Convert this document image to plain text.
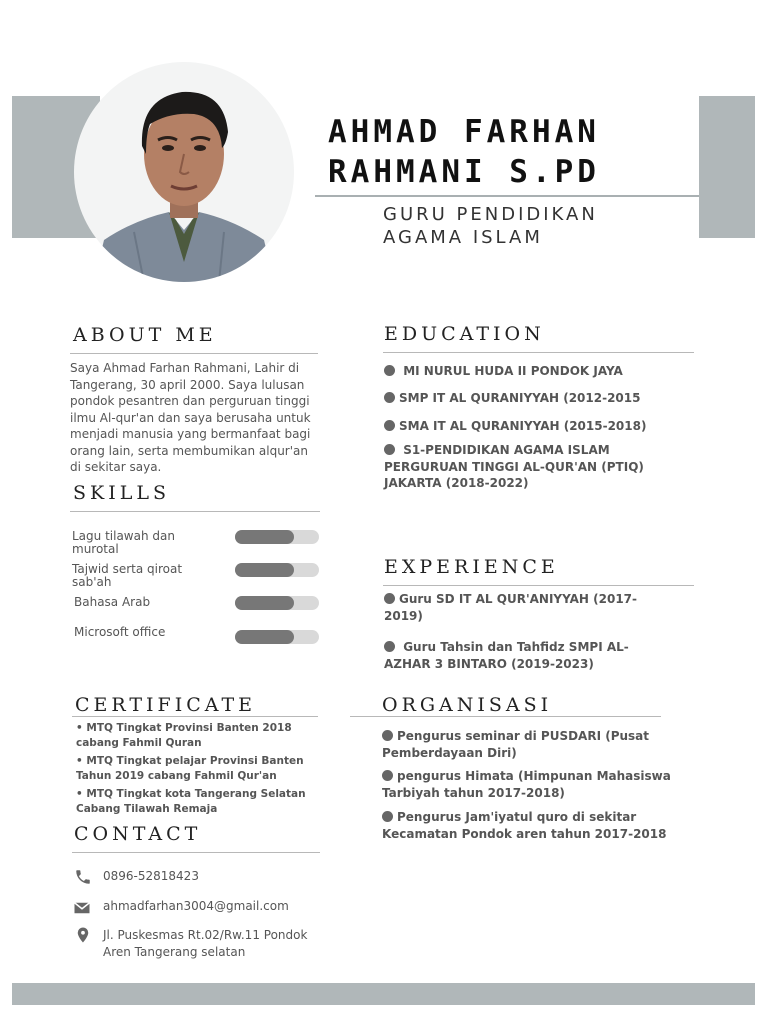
AHMAD FARHAN RAHMANI S.PD
GURU PENDIDIKAN
AGAMA ISLAM
ABOUT ME
Saya Ahmad Farhan Rahmani, Lahir di Tangerang, 30 april 2000. Saya lulusan pondok pesantren dan perguruan tinggi ilmu Al-qur'an dan saya berusaha untuk menjadi manusia yang bermanfaat bagi orang lain, serta membumikan alqur'an di sekitar saya.
SKILLS
Lagu tilawah dan murotal
Tajwid serta qiroat sab'ah
Bahasa Arab
Microsoft office
CERTIFICATE
• MTQ Tingkat Provinsi Banten 2018 cabang Fahmil Quran
• MTQ Tingkat pelajar Provinsi Banten Tahun 2019 cabang Fahmil Qur'an
• MTQ Tingkat kota Tangerang Selatan Cabang Tilawah Remaja
CONTACT
0896-52818423
ahmadfarhan3004@gmail.com
Jl. Puskesmas Rt.02/Rw.11 Pondok Aren Tangerang selatan
EDUCATION
MI NURUL HUDA II PONDOK JAYA
SMP IT AL QURANIYYAH (2012-2015
SMA IT AL QURANIYYAH (2015-2018)
S1-PENDIDIKAN AGAMA ISLAM PERGURUAN TINGGI AL-QUR'AN (PTIQ) JAKARTA (2018-2022)
EXPERIENCE
Guru SD IT AL QUR'ANIYYAH (2017-2019)
Guru Tahsin dan Tahfidz SMPI AL-AZHAR 3 BINTARO (2019-2023)
ORGANISASI
Pengurus seminar di PUSDARI (Pusat Pemberdayaan Diri)
pengurus Himata (Himpunan Mahasiswa Tarbiyah tahun 2017-2018)
Pengurus Jam'iyatul quro di sekitar Kecamatan Pondok aren tahun 2017-2018
